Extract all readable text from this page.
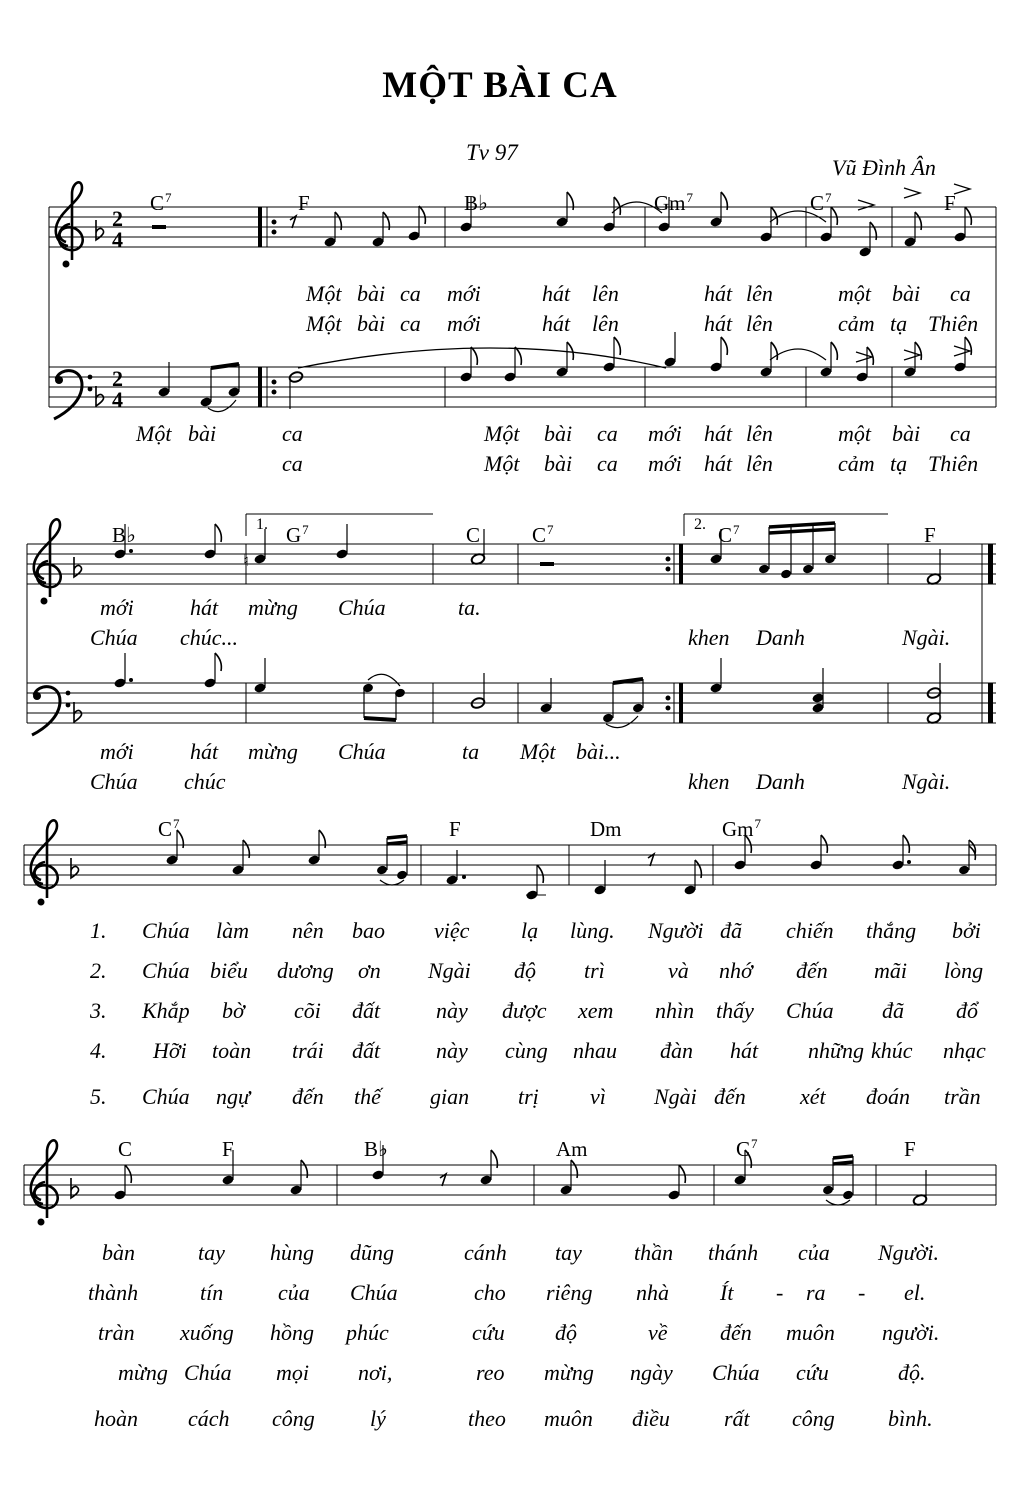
MỘT BÀI CA
Tv 97
Vũ Đình Ân
2
4
2
4
♮
$C^7$	F	B♭	Gm$^7$	$C^7$	F
Một bài ca mới	hát lên	hát lên	một bài ca
Một bài ca mới	hát lên	hát lên	cảm tạ Thiên
Một bài	ca	Một bài ca mới hát lên	một bài ca
ca	Một bài ca mới hát lên	cảm tạ Thiên
B♭	1. $G^7$	C $C^7$	2. $C^7$	F
mới	hát mừng Chúa	ta.
Chúa chúc...	khen Danh	Ngài.
mới	hát mừng Chúa	ta Một bài...
Chúa chúc	khen Danh	Ngài.
$C^7$	F	Dm	Gm$^7$
1. Chúa làm nên bao việc lạ lùng. Người đã chiến thắng bởi
2. Chúa biểu dương ơn Ngài độ trì	và nhớ đến mãi lòng
3. Khắp bờ cõi đất	này được xem nhìn thấy Chúa đã đổ
4. Hỡi toàn trái đất	này cùng nhau đàn hát những khúc nhạc
5. Chúa ngự đến thế gian trị vì Ngài đến xét đoán trần
C	F	B♭	Am	$C^7$	F
bàn	tay hùng dũng	cánh tay thần thánh của Người.
thành	tín của Chúa	cho riêng nhà Ít - ra - el.
tràn xuống hồng phúc	cứu độ	về đến muôn người.
mừng Chúa mọi nơi,	reo mừng ngày Chúa cứu	độ.
hoàn cách công	lý	theo muôn điều rất công bình.
